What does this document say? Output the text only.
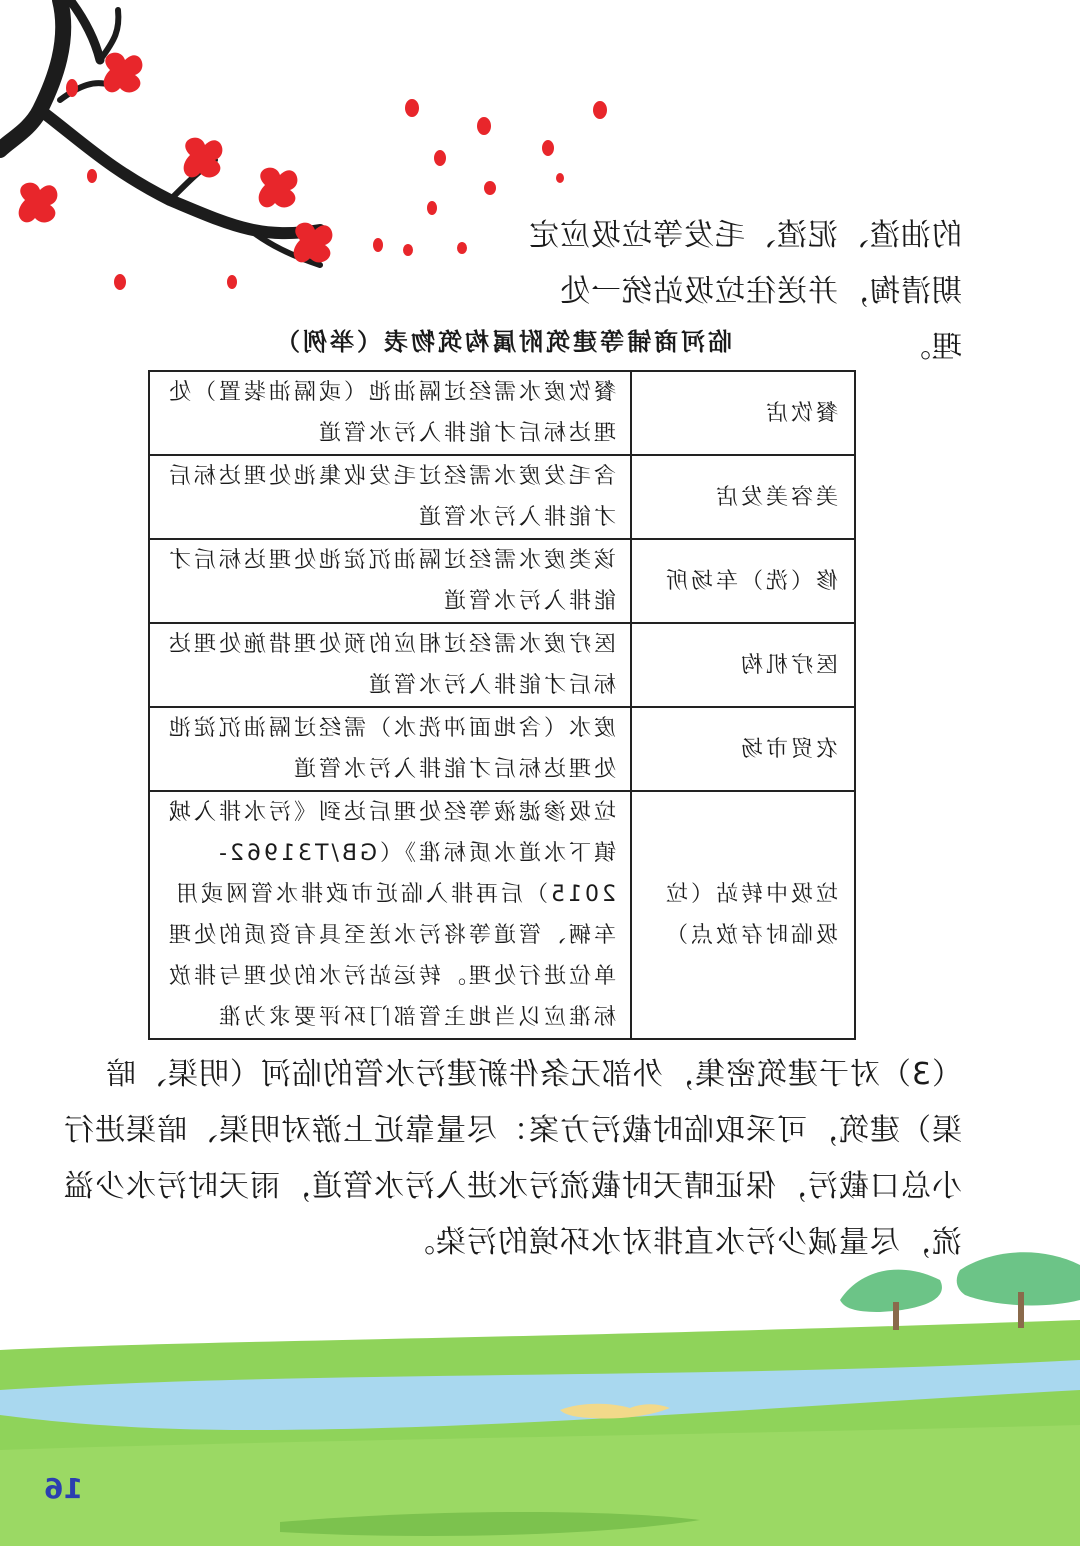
的油渣、泥渣、毛发等垃圾应定期清掏，并送往垃圾站统一处理。
临河商铺等建筑附属构筑物表（举例）
餐饮店	餐饮废水需经过隔油池（或隔油装置）处理达标后才能排入污水管道
美容美发店	含毛发废水需经过毛发收集池处理达标后才能排入污水管道
修（洗）车场所	该类废水需经过隔油沉淀池处理达标后才能排入污水管道
医疗机构	医疗废水需经过相应的预处理措施处理达标后才能排入污水管道
农贸市场	废水（含地面冲洗水）需经过隔油沉淀池处理达标后才能排入污水管道
垃圾中转站（垃圾临时存放点）	垃圾渗滤液等经处理后达到《污水排入城镇下水道水质标准》（GB/T31962-2015）后再排入临近市政排水管网或用车辆、管道等将污水送至具有资质的处理单位进行处理。转运站污水的处理与排放标准应以当地主管部门环评要求为准
（3）对于建筑密集，外部无条件新建污水管的临河（明渠、暗渠）建筑，可采取临时截污方案：尽量靠近上游对明渠、暗渠进行小总口截污，保证晴天时截流污水进入污水管道，雨天时污水少溢流，尽量减少污水直排对水环境的污染。
16
